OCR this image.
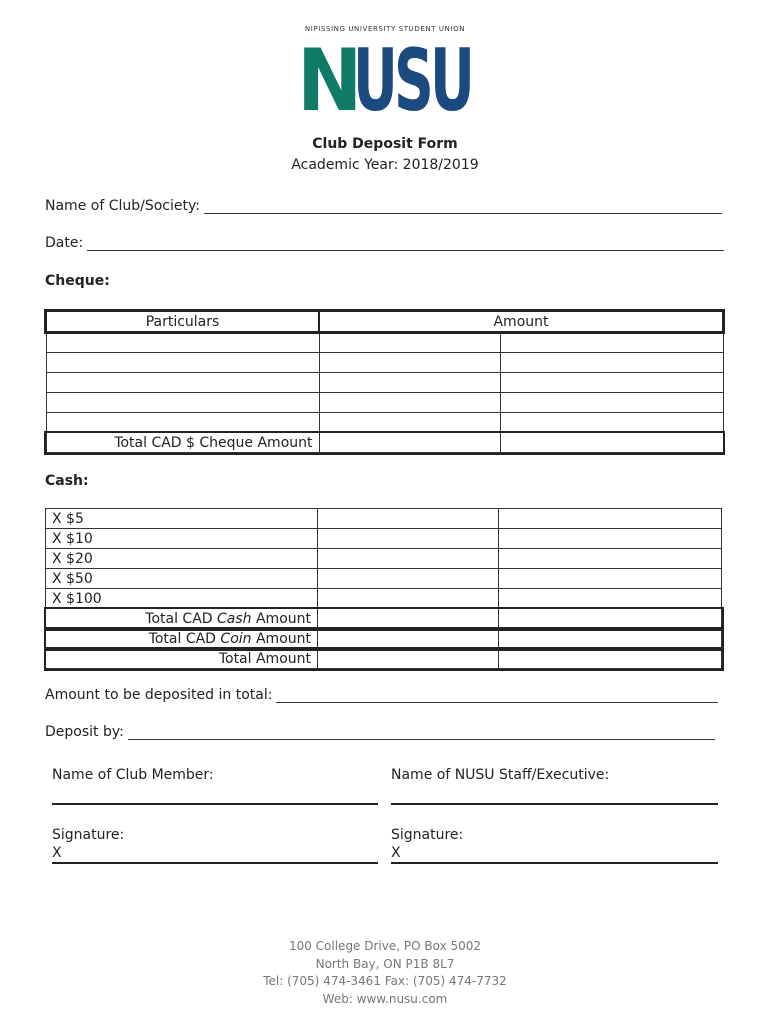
NIPISSING UNIVERSITY STUDENT UNION
N
USU
Club Deposit Form
Academic Year: 2018/2019
Name of Club/Society:
Date:
Cheque:
Particulars	Amount	

Total CAD $ Cheque Amount		
Cash:
X $5		
X $10		
X $20		
X $50		
X $100		
Total CAD Cash Amount		
Total CAD Coin Amount		
Total Amount		
Amount to be deposited in total:
Deposit by:
Name of Club Member:	Name of NUSU Staff/Executive:
Signature:
X
Signature:
X
100 College Drive, PO Box 5002
North Bay, ON P1B 8L7
Tel: (705) 474-3461 Fax: (705) 474-7732
Web: www.nusu.com
